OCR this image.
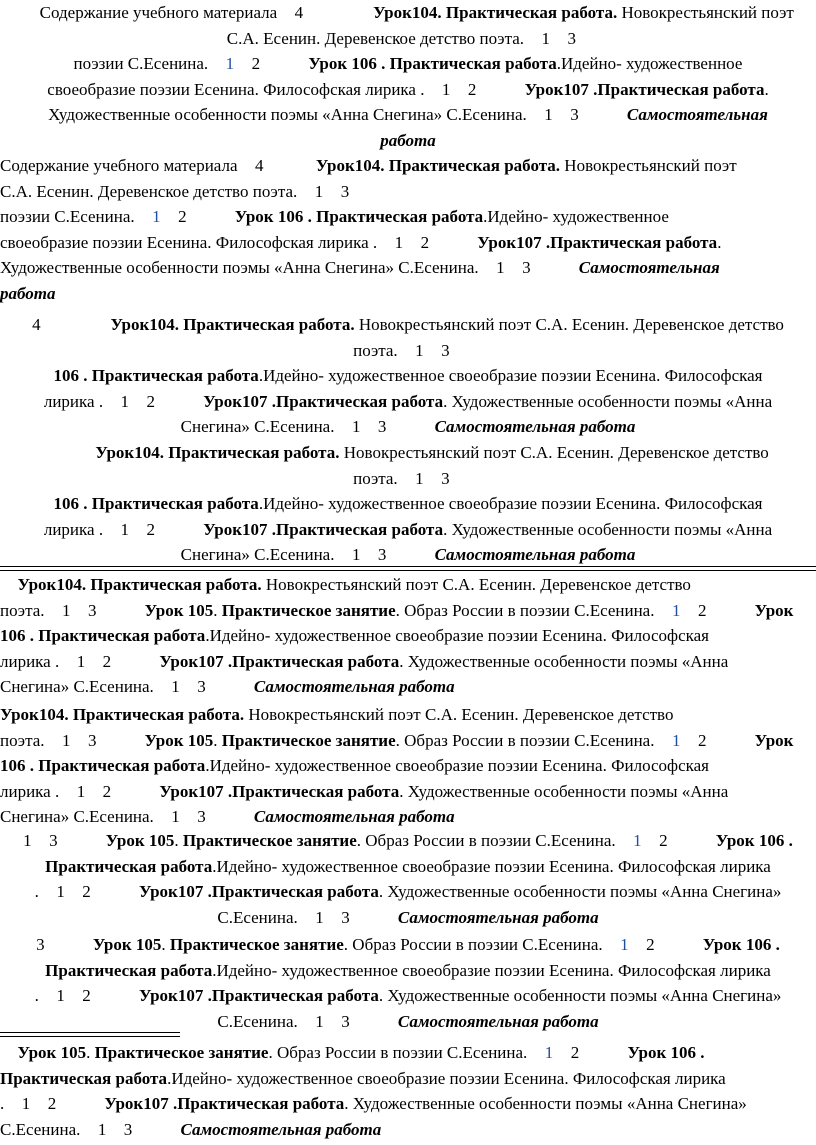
Содержание учебного материала 4 Урок104. Практическая работа. Новокрестьянский поэт
С.А. Есенин. Деревенское детство поэта. 1 3
поэзии С.Есенина. 1 2 Урок 106 . Практическая работа.Идейно- художественное
своеобразие поэзии Есенина. Философская лирика . 1 2 Урок107 .Практическая работа.
Художественные особенности поэмы «Анна Снегина» С.Есенина. 1 3 Самостоятельная
работа
Содержание учебного материала 4 Урок104. Практическая работа. Новокрестьянский поэт
С.А. Есенин. Деревенское детство поэта. 1 3
поэзии С.Есенина. 1 2 Урок 106 . Практическая работа.Идейно- художественное
своеобразие поэзии Есенина. Философская лирика . 1 2 Урок107 .Практическая работа.
Художественные особенности поэмы «Анна Снегина» С.Есенина. 1 3 Самостоятельная
работа
4 Урок104. Практическая работа. Новокрестьянский поэт С.А. Есенин. Деревенское детство
поэта. 1 3
106 . Практическая работа.Идейно- художественное своеобразие поэзии Есенина. Философская
лирика . 1 2 Урок107 .Практическая работа. Художественные особенности поэмы «Анна
Снегина» С.Есенина. 1 3 Самостоятельная работа
Урок104. Практическая работа. Новокрестьянский поэт С.А. Есенин. Деревенское детство
поэта. 1 3
106 . Практическая работа.Идейно- художественное своеобразие поэзии Есенина. Философская
лирика . 1 2 Урок107 .Практическая работа. Художественные особенности поэмы «Анна
Снегина» С.Есенина. 1 3 Самостоятельная работа
Урок104. Практическая работа. Новокрестьянский поэт С.А. Есенин. Деревенское детство
поэта. 1 3 Урок 105. Практическое занятие. Образ России в поэзии С.Есенина. 1 2 Урок
106 . Практическая работа.Идейно- художественное своеобразие поэзии Есенина. Философская
лирика . 1 2 Урок107 .Практическая работа. Художественные особенности поэмы «Анна
Снегина» С.Есенина. 1 3 Самостоятельная работа
Урок104. Практическая работа. Новокрестьянский поэт С.А. Есенин. Деревенское детство
поэта. 1 3 Урок 105. Практическое занятие. Образ России в поэзии С.Есенина. 1 2 Урок
106 . Практическая работа.Идейно- художественное своеобразие поэзии Есенина. Философская
лирика . 1 2 Урок107 .Практическая работа. Художественные особенности поэмы «Анна
Снегина» С.Есенина. 1 3 Самостоятельная работа
1 3 Урок 105. Практическое занятие . Образ России в поэзии С.Есенина. 1 2 Урок 106 .
Практическая работа.Идейно- художественное своеобразие поэзии Есенина. Философская лирика
. 1 2 Урок107 .Практическая работа. Художественные особенности поэмы «Анна Снегина»
С.Есенина. 1 3 Самостоятельная работа
3 Урок 105. Практическое занятие . Образ России в поэзии С.Есенина. 1 2 Урок 106 .
Практическая работа.Идейно- художественное своеобразие поэзии Есенина. Философская лирика
. 1 2 Урок107 .Практическая работа. Художественные особенности поэмы «Анна Снегина»
С.Есенина. 1 3 Самостоятельная работа
Урок 105. Практическое занятие. Образ России в поэзии С.Есенина. 1 2 Урок 106 .
Практическая работа.Идейно- художественное своеобразие поэзии Есенина. Философская лирика
. 1 2 Урок107 .Практическая работа. Художественные особенности поэмы «Анна Снегина»
С.Есенина. 1 3 Самостоятельная работа
